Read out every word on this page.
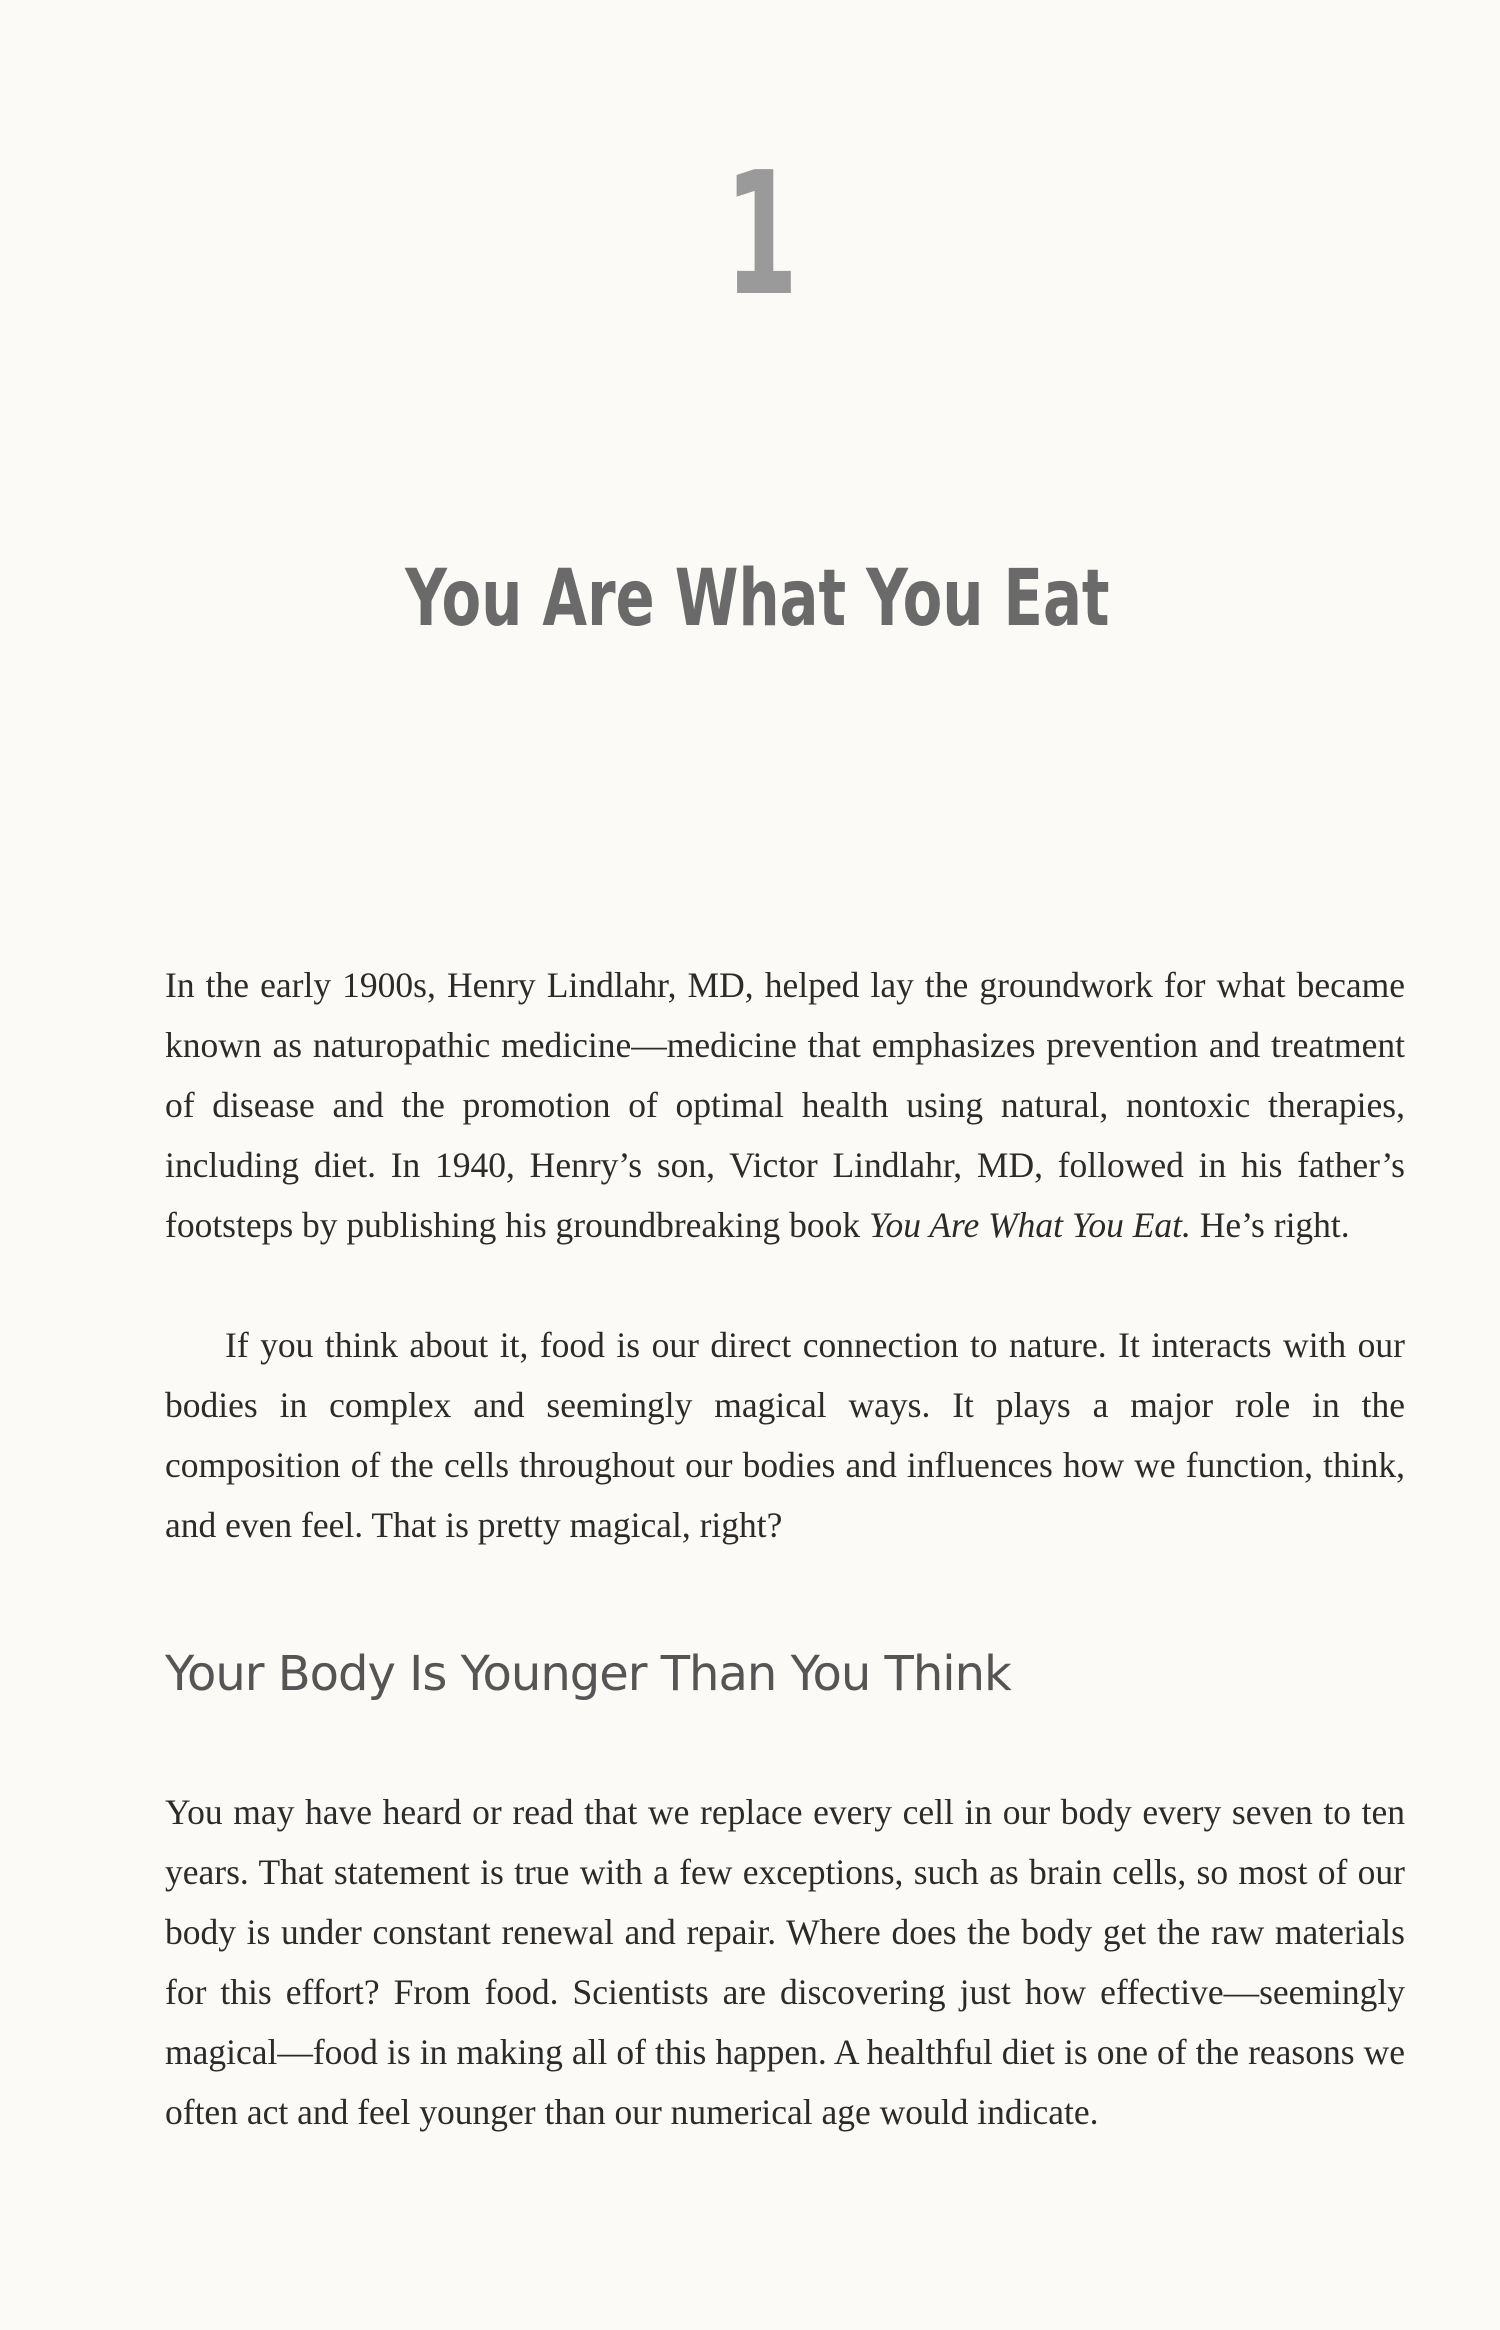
1
You Are What You Eat

In the early 1900s, Henry Lindlahr, MD, helped lay the groundwork for what became known as naturopathic medicine—medicine that emphasizes prevention and treatment of disease and the promotion of optimal health using natural, nontoxic therapies, including diet. In 1940, Henry’s son, Victor Lindlahr, MD, followed in his father’s footsteps by publishing his groundbreaking book You Are What You Eat. He’s right.

If you think about it, food is our direct connection to nature. It interacts with our bodies in complex and seemingly magical ways. It plays a major role in the composition of the cells throughout our bodies and influences how we function, think, and even feel. That is pretty magical, right?

Your Body Is Younger Than You Think

You may have heard or read that we replace every cell in our body every seven to ten years. That statement is true with a few exceptions, such as brain cells, so most of our body is under constant renewal and repair. Where does the body get the raw materials for this effort? From food. Scientists are discovering just how effective—seemingly magical—food is in making all of this happen. A healthful diet is one of the reasons we often act and feel younger than our numerical age would indicate.
